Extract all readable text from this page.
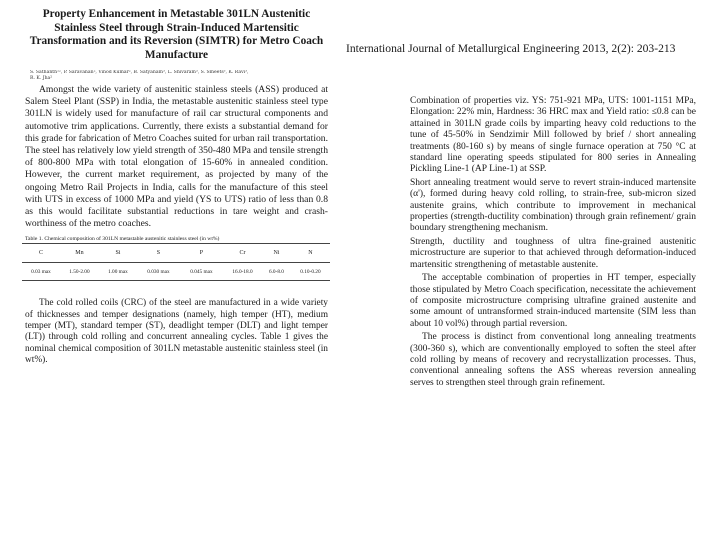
Property Enhancement in Metastable 301LN Austenitic Stainless Steel through Strain-Induced Martensitic Transformation and its Reversion (SIMTR) for Metro Coach Manufacture
S. Sathanth¹², P. Saravanan², Vinod Kumar², B. Satyanam³, L. Shivaram³, S. Smeets³, K. Ravi³,
R. K. Jha²

Amongst the wide variety of austenitic stainless steels (ASS) produced at Salem Steel Plant (SSP) in India, the metastable austenitic stainless steel type 301LN is widely used for manufacture of rail car structural components and automotive trim applications. Currently, there exists a substantial demand for this grade for fabrication of Metro Coaches suited for urban rail transportation. The steel has relatively low yield strength of 350-480 MPa and tensile strength of 800-800 MPa with total elongation of 15-60% in annealed condition. However, the current market requirement, as projected by many of the ongoing Metro Rail Projects in India, calls for the manufacture of this steel with UTS in excess of 1000 MPa and yield (YS to UTS) ratio of less than 0.8 as this would facilitate substantial reductions in tare weight and crash-worthiness of the metro coaches.

Table 1. Chemical composition of 301LN metastable austenitic stainless steel (in wt%)
C	Mn	Si	S	P	Cr	Ni	N
0.03 max	1.50-2.00	1.00 max	0.030 max	0.045 max	16.0-18.0	6.0-8.0	0.10-0.20

The cold rolled coils (CRC) of the steel are manufactured in a wide variety of thicknesses and temper designations (namely, high temper (HT), medium temper (MT), standard temper (ST), deadlight temper (DLT) and light temper (LT)) through cold rolling and concurrent annealing cycles. Table 1 gives the nominal chemical composition of 301LN metastable austenitic stainless steel (in wt%).

International Journal of Metallurgical Engineering 2013, 2(2): 203-213

Combination of properties viz. YS: 751-921 MPa, UTS: 1001-1151 MPa, Elongation: 22% min, Hardness: 36 HRC max and Yield ratio: ≤0.8 can be attained in 301LN grade coils by imparting heavy cold reductions to the tune of 45-50% in Sendzimir Mill followed by brief / short annealing treatments (80-160 s) by means of single furnace operation at 750 °C at standard line operating speeds stipulated for 800 series in Annealing Pickling Line-1 (AP Line-1) at SSP.

Short annealing treatment would serve to revert strain-induced martensite (α'), formed during heavy cold rolling, to strain-free, sub-micron sized austenite grains, which contribute to improvement in mechanical properties (strength-ductility combination) through grain refinement/ grain boundary strengthening mechanism.

Strength, ductility and toughness of ultra fine-grained austenitic microstructure are superior to that achieved through deformation-induced martensitic strengthening of metastable austenite.

The acceptable combination of properties in HT temper, especially those stipulated by Metro Coach specification, necessitate the achievement of composite microstructure comprising ultrafine grained austenite and some amount of untransformed strain-induced martensite (SIM less than about 10 vol%) through partial reversion.

The process is distinct from conventional long annealing treatments (300-360 s), which are conventionally employed to soften the steel after cold rolling by means of recovery and recrystallization processes. Thus, conventional annealing softens the ASS whereas reversion annealing serves to strengthen steel through grain refinement.
